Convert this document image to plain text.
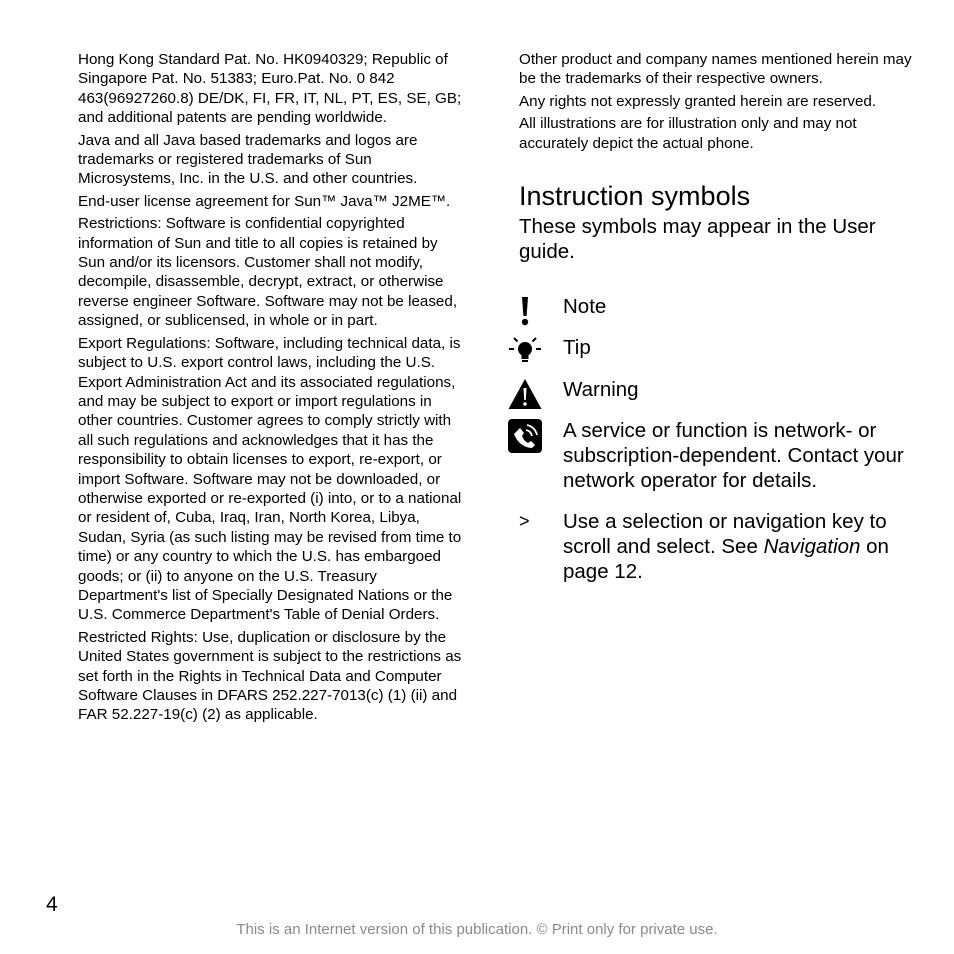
Hong Kong Standard Pat. No. HK0940329; Republic of Singapore Pat. No. 51383; Euro.Pat. No. 0 842 463(96927260.8) DE/DK, FI, FR, IT, NL, PT, ES, SE, GB; and additional patents are pending worldwide.

Java and all Java based trademarks and logos are trademarks or registered trademarks of Sun Microsystems, Inc. in the U.S. and other countries.

End-user license agreement for Sun™ Java™ J2ME™.

Restrictions: Software is confidential copyrighted information of Sun and title to all copies is retained by Sun and/or its licensors. Customer shall not modify, decompile, disassemble, decrypt, extract, or otherwise reverse engineer Software. Software may not be leased, assigned, or sublicensed, in whole or in part.

Export Regulations: Software, including technical data, is subject to U.S. export control laws, including the U.S. Export Administration Act and its associated regulations, and may be subject to export or import regulations in other countries. Customer agrees to comply strictly with all such regulations and acknowledges that it has the responsibility to obtain licenses to export, re-export, or import Software. Software may not be downloaded, or otherwise exported or re-exported (i) into, or to a national or resident of, Cuba, Iraq, Iran, North Korea, Libya, Sudan, Syria (as such listing may be revised from time to time) or any country to which the U.S. has embargoed goods; or (ii) to anyone on the U.S. Treasury Department's list of Specially Designated Nations or the U.S. Commerce Department's Table of Denial Orders.

Restricted Rights: Use, duplication or disclosure by the United States government is subject to the restrictions as set forth in the Rights in Technical Data and Computer Software Clauses in DFARS 252.227-7013(c) (1) (ii) and FAR 52.227-19(c) (2) as applicable.

Other product and company names mentioned herein may be the trademarks of their respective owners.

Any rights not expressly granted herein are reserved.

All illustrations are for illustration only and may not accurately depict the actual phone.

Instruction symbols

These symbols may appear in the User guide.

Note
Tip
Warning
A service or function is network- or subscription-dependent. Contact your network operator for details.
> Use a selection or navigation key to scroll and select. See Navigation on page 12.
4
This is an Internet version of this publication. © Print only for private use.
